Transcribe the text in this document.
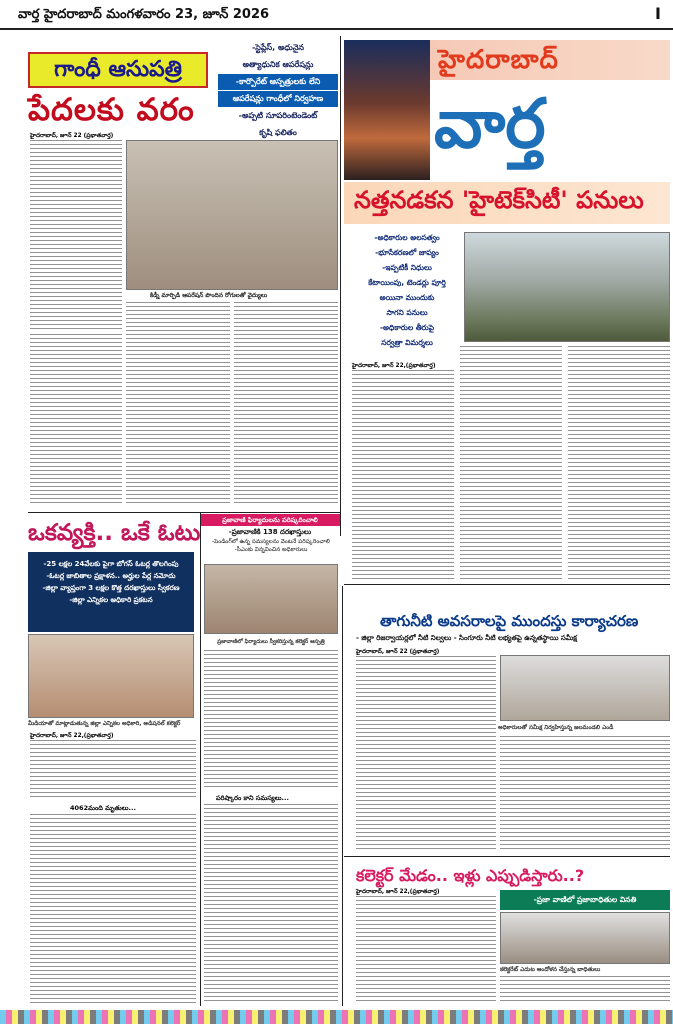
వార్త హైదరాబాద్ మంగళవారం 23, జూన్ 2026	I
గాంధీ ఆసుపత్రి
పేదలకు వరం
-స్టెప్లేస్, అధునైన
అత్యాధునిక ఆపరేషన్లు
-కార్పొరేట్ ఆస్పత్రులకు లేని
ఆపరేషన్లు గాంధీలో నిర్వహణ
-అప్పటి సూపరింటెండెంట్
కృషి ఫలితం
హైదరాబాద్, జూన్ 22 (ప్రభాతవార్త)
కిడ్నీ మార్పిడి ఆపరేషన్ పొందిన రోగులతో వైద్యులు
హైదరాబాద్
వార్త
నత్తనడకన 'హైటెక్‌సిటీ' పనులు
-అధికారుల అలసత్వం
-భూసేకరణలో జాప్యం
-ఇప్పటికీ నిధులు
కేటాయింపు, టెండర్లు పూర్తి
అయినా ముందుకు
సాగని పనులు
-అధికారుల తీరుపై
సర్వత్రా విమర్శలు
హైదరాబాద్, జూన్ 22,(ప్రభాతవార్త)
ఒకవ్యక్తి.. ఒకే ఓటు
-25 లక్షల 24వేలకు పైగా బోగస్ ఓటర్ల తొలగింపు
-ఓటర్ల జాబితాల ప్రక్షాళన.. అర్హుల పేర్ల నమోదు
-జిల్లా వ్యాప్తంగా 3 లక్షల కొత్త దరఖాస్తులు స్వీకరణ
-జిల్లా ఎన్నికల అధికారి ప్రకటన
మీడియాతో మాట్లాడుతున్న జిల్లా ఎన్నికల అధికారి, అడిషనల్ కలెక్టర్
హైదరాబాద్, జూన్ 22,(ప్రభాతవార్త)
4062మంది మృతులు...
ప్రజావాణి ఫిర్యాదులను పరిష్కరించాలి
-ప్రజావాణికి 138 దరఖాస్తులు
-పెండింగ్‌లో ఉన్న సమస్యలను వెంటనే పరిష్కరించాలి -సీఎంకు విన్నవించిన అధికారులు
ప్రజావాణిలో ఫిర్యాదులు స్వీకరిస్తున్న కలెక్టర్ ఆస్పత్రి
పరిష్కారం కాని సమస్యలు...
తాగునీటి అవసరాలపై ముందస్తు కార్యాచరణ
- జిల్లా రిజర్వాయర్లలో నీటి నిల్వలు - సింగూరు నీటి లభ్యతపై ఉన్నతస్థాయి సమీక్ష
హైదరాబాద్, జూన్ 22 (ప్రభాతవార్త)
అధికారులతో సమీక్ష నిర్వహిస్తున్న జలమండలి ఎండీ
కలెక్టర్ మేడం.. ఇళ్లు ఎప్పుడిస్తారు..?
-ప్రజా వాణిలో ప్రజాబాధితుల వినతి
హైదరాబాద్, జూన్ 22,(ప్రభాతవార్త)
కలెక్టరేట్ ఎదుట ఆందోళన చేస్తున్న బాధితులు
